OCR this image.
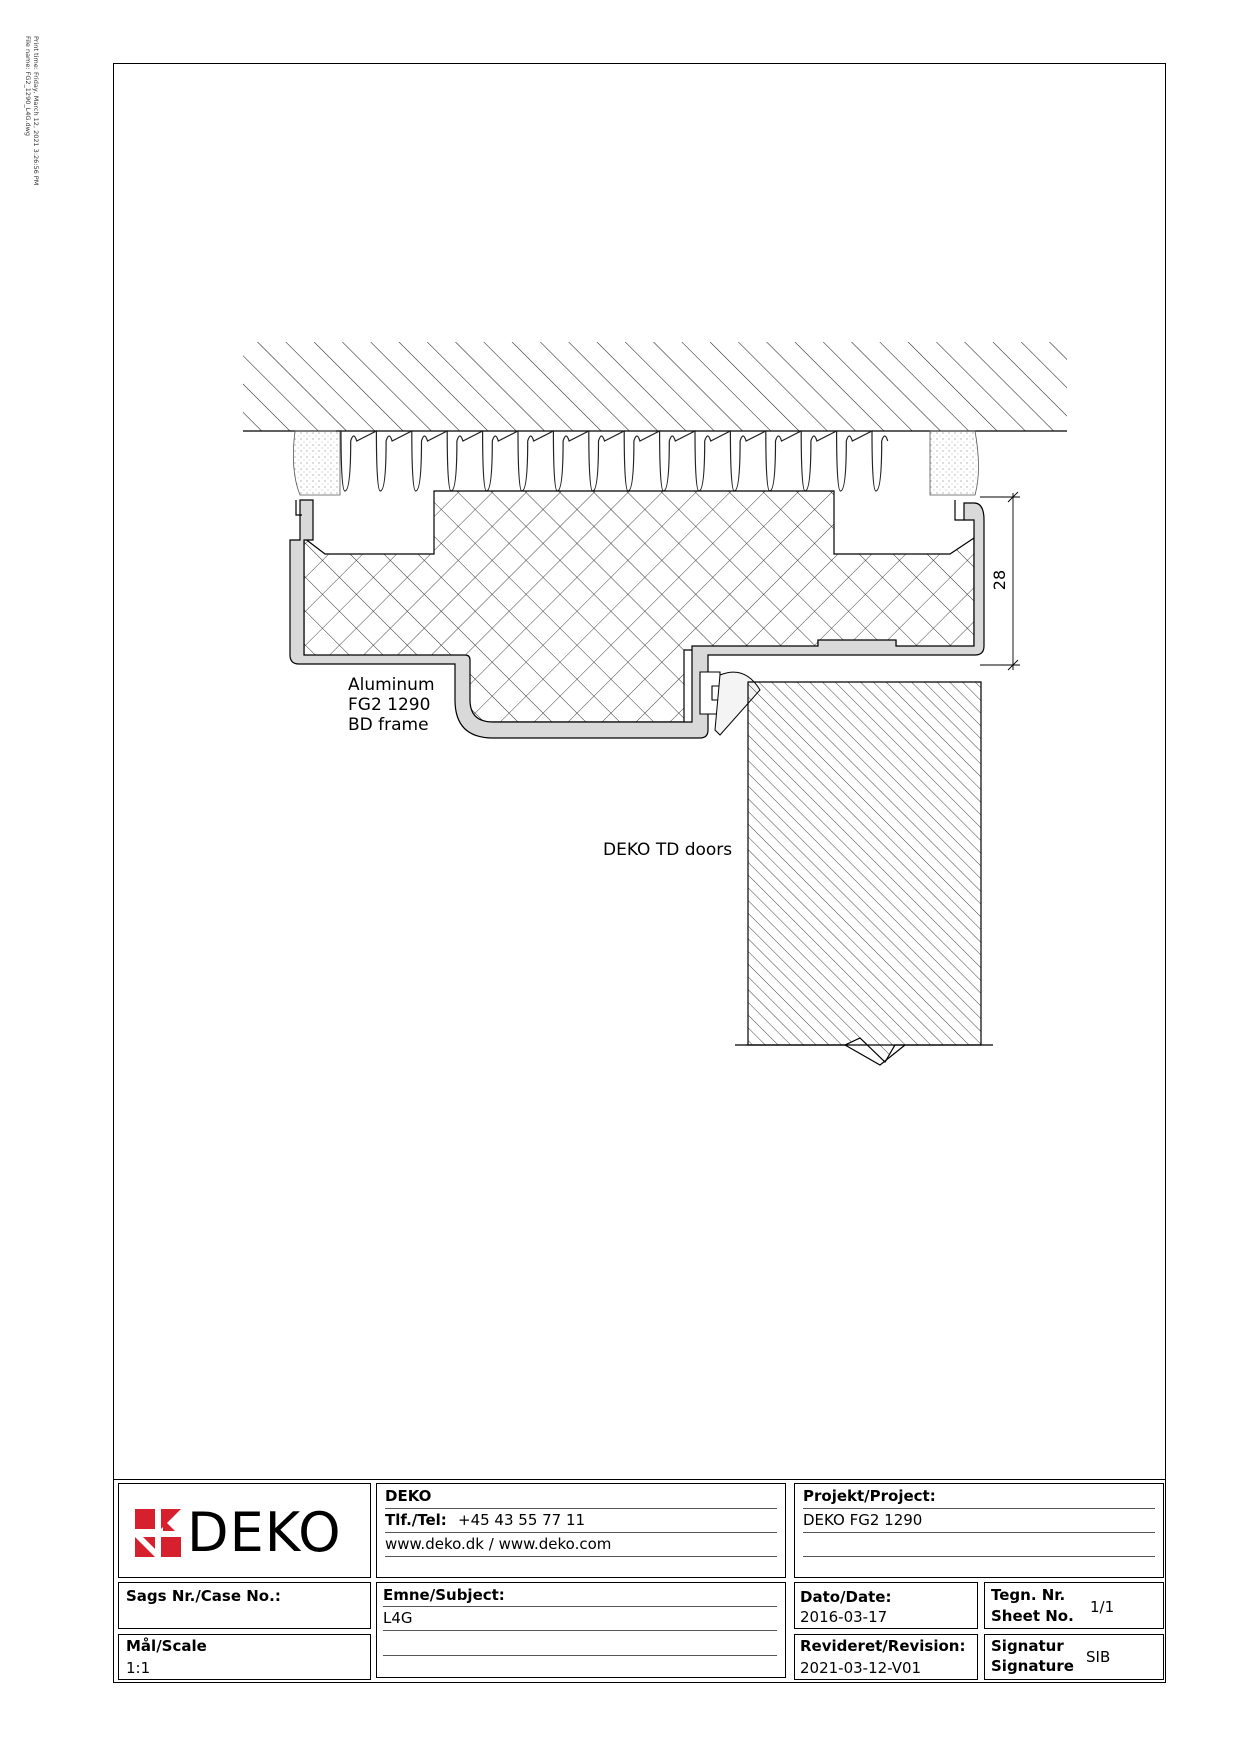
Print time: Friday, March 12, 2021 3:26:56 PM
File name: FG2_1290_L4G.dwg
28
Aluminum
FG2 1290
BD frame
DEKO TD doors
DEKO
DEKO
Tlf./Tel: +45 43 55 77 11
www.deko.dk / www.deko.com
Projekt/Project:
DEKO FG2 1290
Sags Nr./Case No.:	Emne/Subject:
L4G
Dato/Date:
2016-03-17
Tegn. Nr.
Sheet No. 1/1
Mål/Scale
1:1
Revideret/Revision:
2021-03-12-V01
Signatur
Signature SIB
